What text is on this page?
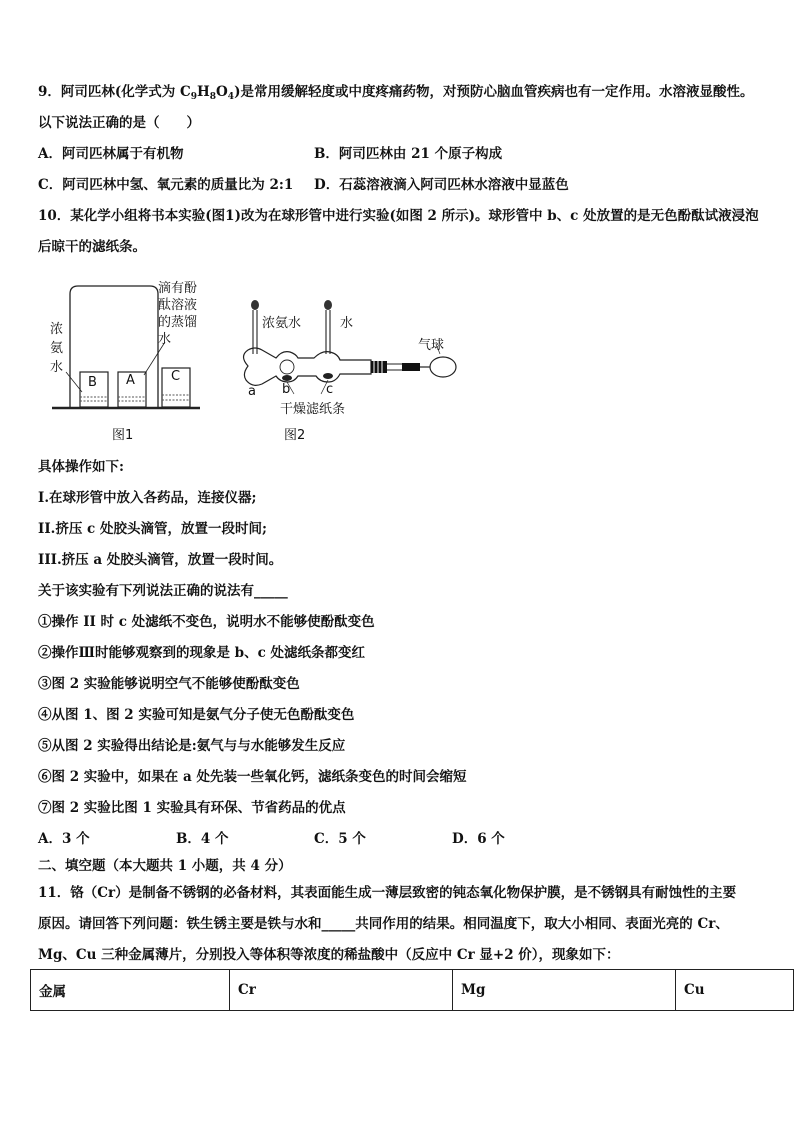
9．阿司匹林(化学式为 $C_9H_8O_4$)是常用缓解轻度或中度疼痛药物，对预防心脑血管疾病也有一定作用。水溶液显酸性。
以下说法正确的是（　　）
A．阿司匹林属于有机物	B．阿司匹林由 21 个原子构成
C．阿司匹林中氢、氧元素的质量比为 2:1 D．石蕊溶液滴入阿司匹林水溶液中显蓝色
10．某化学小组将书本实验(图1)改为在球形管中进行实验(如图 2 所示)。球形管中 b、c 处放置的是无色酚酞试液浸泡
后晾干的滤纸条。
浓
氨
水
滴有酚
酞溶液
的蒸馏
水
B A	C
图1
浓氨水	水
气球
a b	c
干燥滤纸条
图2
具体操作如下:
I.在球形管中放入各药品，连接仪器;
II.挤压 c 处胶头滴管，放置一段时间;
III.挤压 a 处胶头滴管，放置一段时间。
关于该实验有下列说法正确的说法有_____
①操作 II 时 c 处滤纸不变色，说明水不能够使酚酞变色
②操作Ⅲ时能够观察到的现象是 b、c 处滤纸条都变红
③图 2 实验能够说明空气不能够使酚酞变色
④从图 1、图 2 实验可知是氨气分子使无色酚酞变色
⑤从图 2 实验得出结论是:氨气与与水能够发生反应
⑥图 2 实验中，如果在 a 处先装一些氧化钙，滤纸条变色的时间会缩短
⑦图 2 实验比图 1 实验具有环保、节省药品的优点
A．3 个	B．4 个	C．5 个	D．6 个
二、填空题（本大题共 1 小题，共 4 分）
11．铬（Cr）是制备不锈钢的必备材料，其表面能生成一薄层致密的钝态氧化物保护膜，是不锈钢具有耐蚀性的主要
原因。请回答下列问题：铁生锈主要是铁与水和_____共同作用的结果。相同温度下，取大小相同、表面光亮的 Cr、
Mg、Cu 三种金属薄片，分别投入等体积等浓度的稀盐酸中（反应中 Cr 显+2 价），现象如下：
金属	Cr	Mg	Cu
